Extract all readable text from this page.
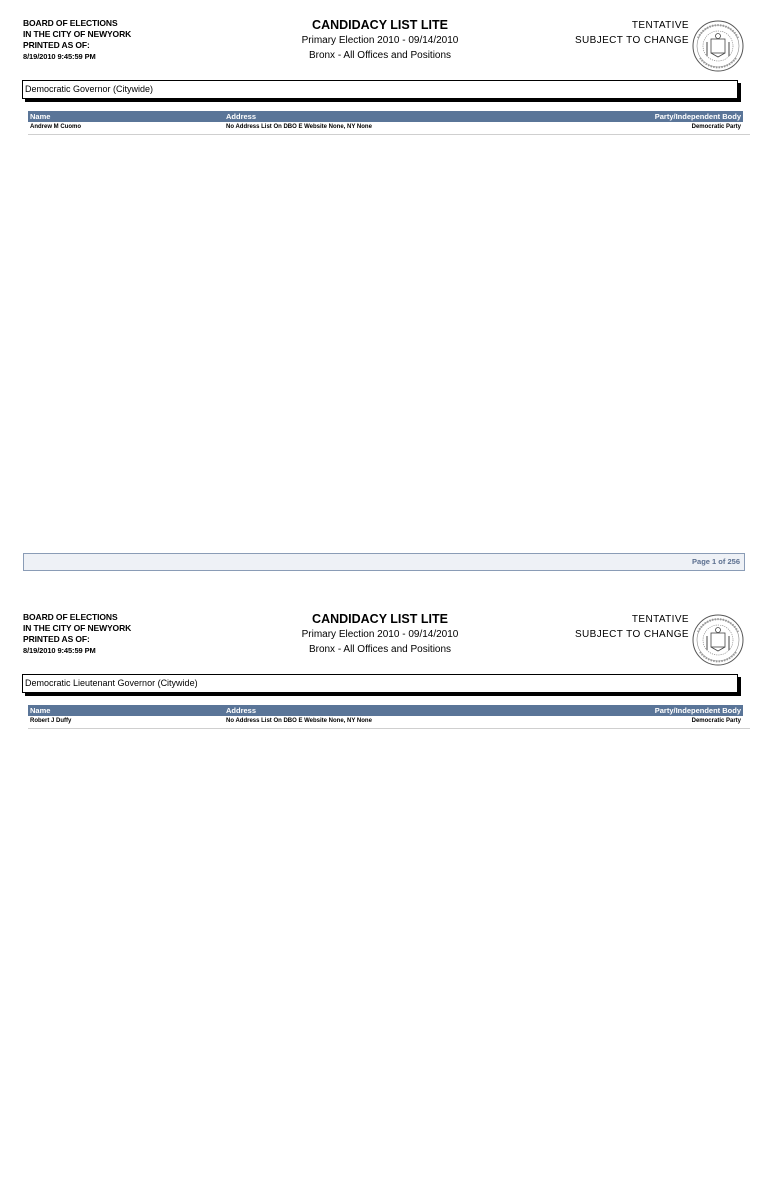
BOARD OF ELECTIONS
IN THE CITY OF NEWYORK
PRINTED AS OF:
8/19/2010 9:45:59 PM
CANDIDACY LIST LITE
Primary Election 2010 - 09/14/2010
Bronx - All Offices and Positions
TENTATIVE
SUBJECT TO CHANGE
Democratic Governor (Citywide)
Name	Address	Party/Independent Body
Andrew M Cuomo	No Address List On DBO E Website None, NY None	Democratic Party
Page 1 of 256
BOARD OF ELECTIONS
IN THE CITY OF NEWYORK
PRINTED AS OF:
8/19/2010 9:45:59 PM
CANDIDACY LIST LITE
Primary Election 2010 - 09/14/2010
Bronx - All Offices and Positions
TENTATIVE
SUBJECT TO CHANGE
Democratic Lieutenant Governor (Citywide)
Name	Address	Party/Independent Body
Robert J Duffy	No Address List On DBO E Website None, NY None	Democratic Party
